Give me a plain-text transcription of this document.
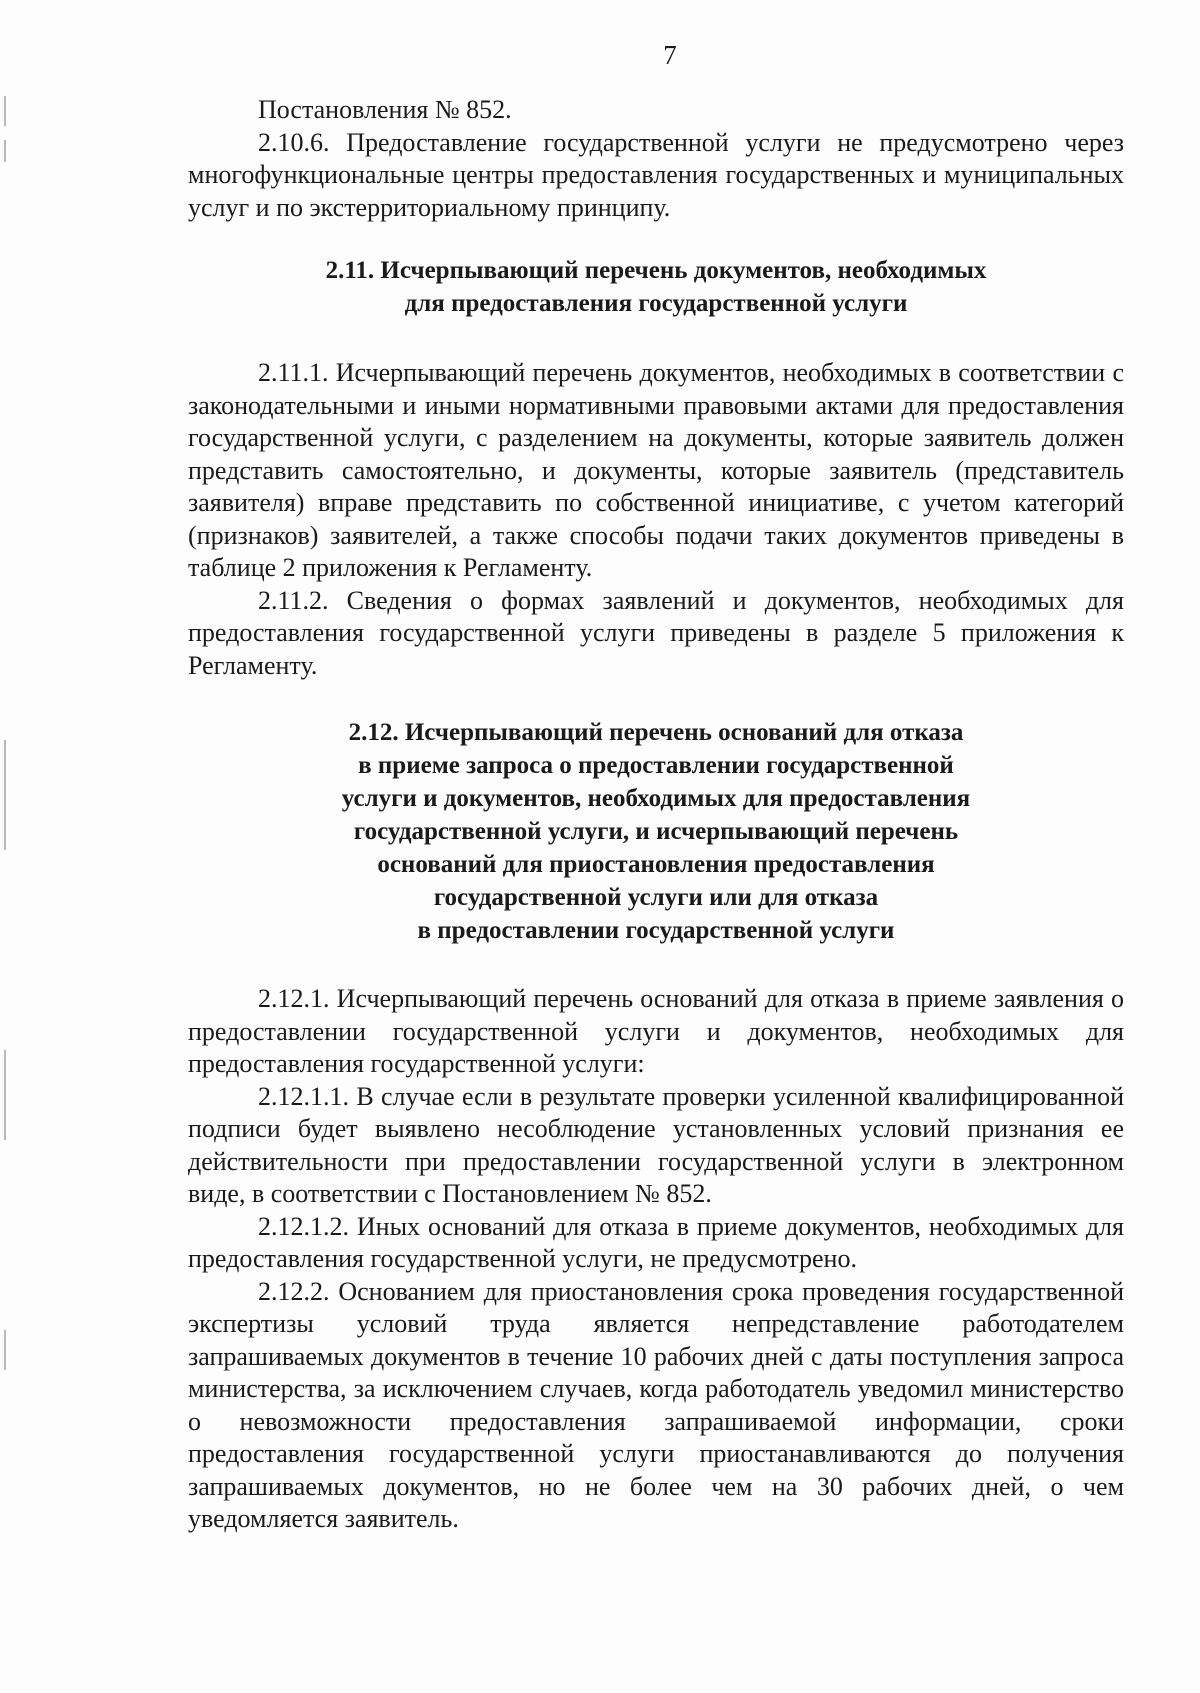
7

Постановления № 852.

2.10.6. Предоставление государственной услуги не предусмотрено через многофункциональные центры предоставления государственных и муниципальных услуг и по экстерриториальному принципу.

2.11. Исчерпывающий перечень документов, необходимых
для предоставления государственной услуги

2.11.1. Исчерпывающий перечень документов, необходимых в соответствии с законодательными и иными нормативными правовыми актами для предоставления государственной услуги, с разделением на документы, которые заявитель должен представить самостоятельно, и документы, которые заявитель (представитель заявителя) вправе представить по собственной инициативе, с учетом категорий (признаков) заявителей, а также способы подачи таких документов приведены в таблице 2 приложения к Регламенту.

2.11.2. Сведения о формах заявлений и документов, необходимых для предоставления государственной услуги приведены в разделе 5 приложения к Регламенту.

2.12. Исчерпывающий перечень оснований для отказа
в приеме запроса о предоставлении государственной
услуги и документов, необходимых для предоставления
государственной услуги, и исчерпывающий перечень
оснований для приостановления предоставления
государственной услуги или для отказа
в предоставлении государственной услуги

2.12.1. Исчерпывающий перечень оснований для отказа в приеме заявления о предоставлении государственной услуги и документов, необходимых для предоставления государственной услуги:

2.12.1.1. В случае если в результате проверки усиленной квалифицированной подписи будет выявлено несоблюдение установленных условий признания ее действительности при предоставлении государственной услуги в электронном виде, в соответствии с Постановлением № 852.

2.12.1.2. Иных оснований для отказа в приеме документов, необходимых для предоставления государственной услуги, не предусмотрено.

2.12.2. Основанием для приостановления срока проведения государственной экспертизы условий труда является непредставление работодателем запрашиваемых документов в течение 10 рабочих дней с даты поступления запроса министерства, за исключением случаев, когда работодатель уведомил министерство о невозможности предоставления запрашиваемой информации, сроки предоставления государственной услуги приостанавливаются до получения запрашиваемых документов, но не более чем на 30 рабочих дней, о чем уведомляется заявитель.
